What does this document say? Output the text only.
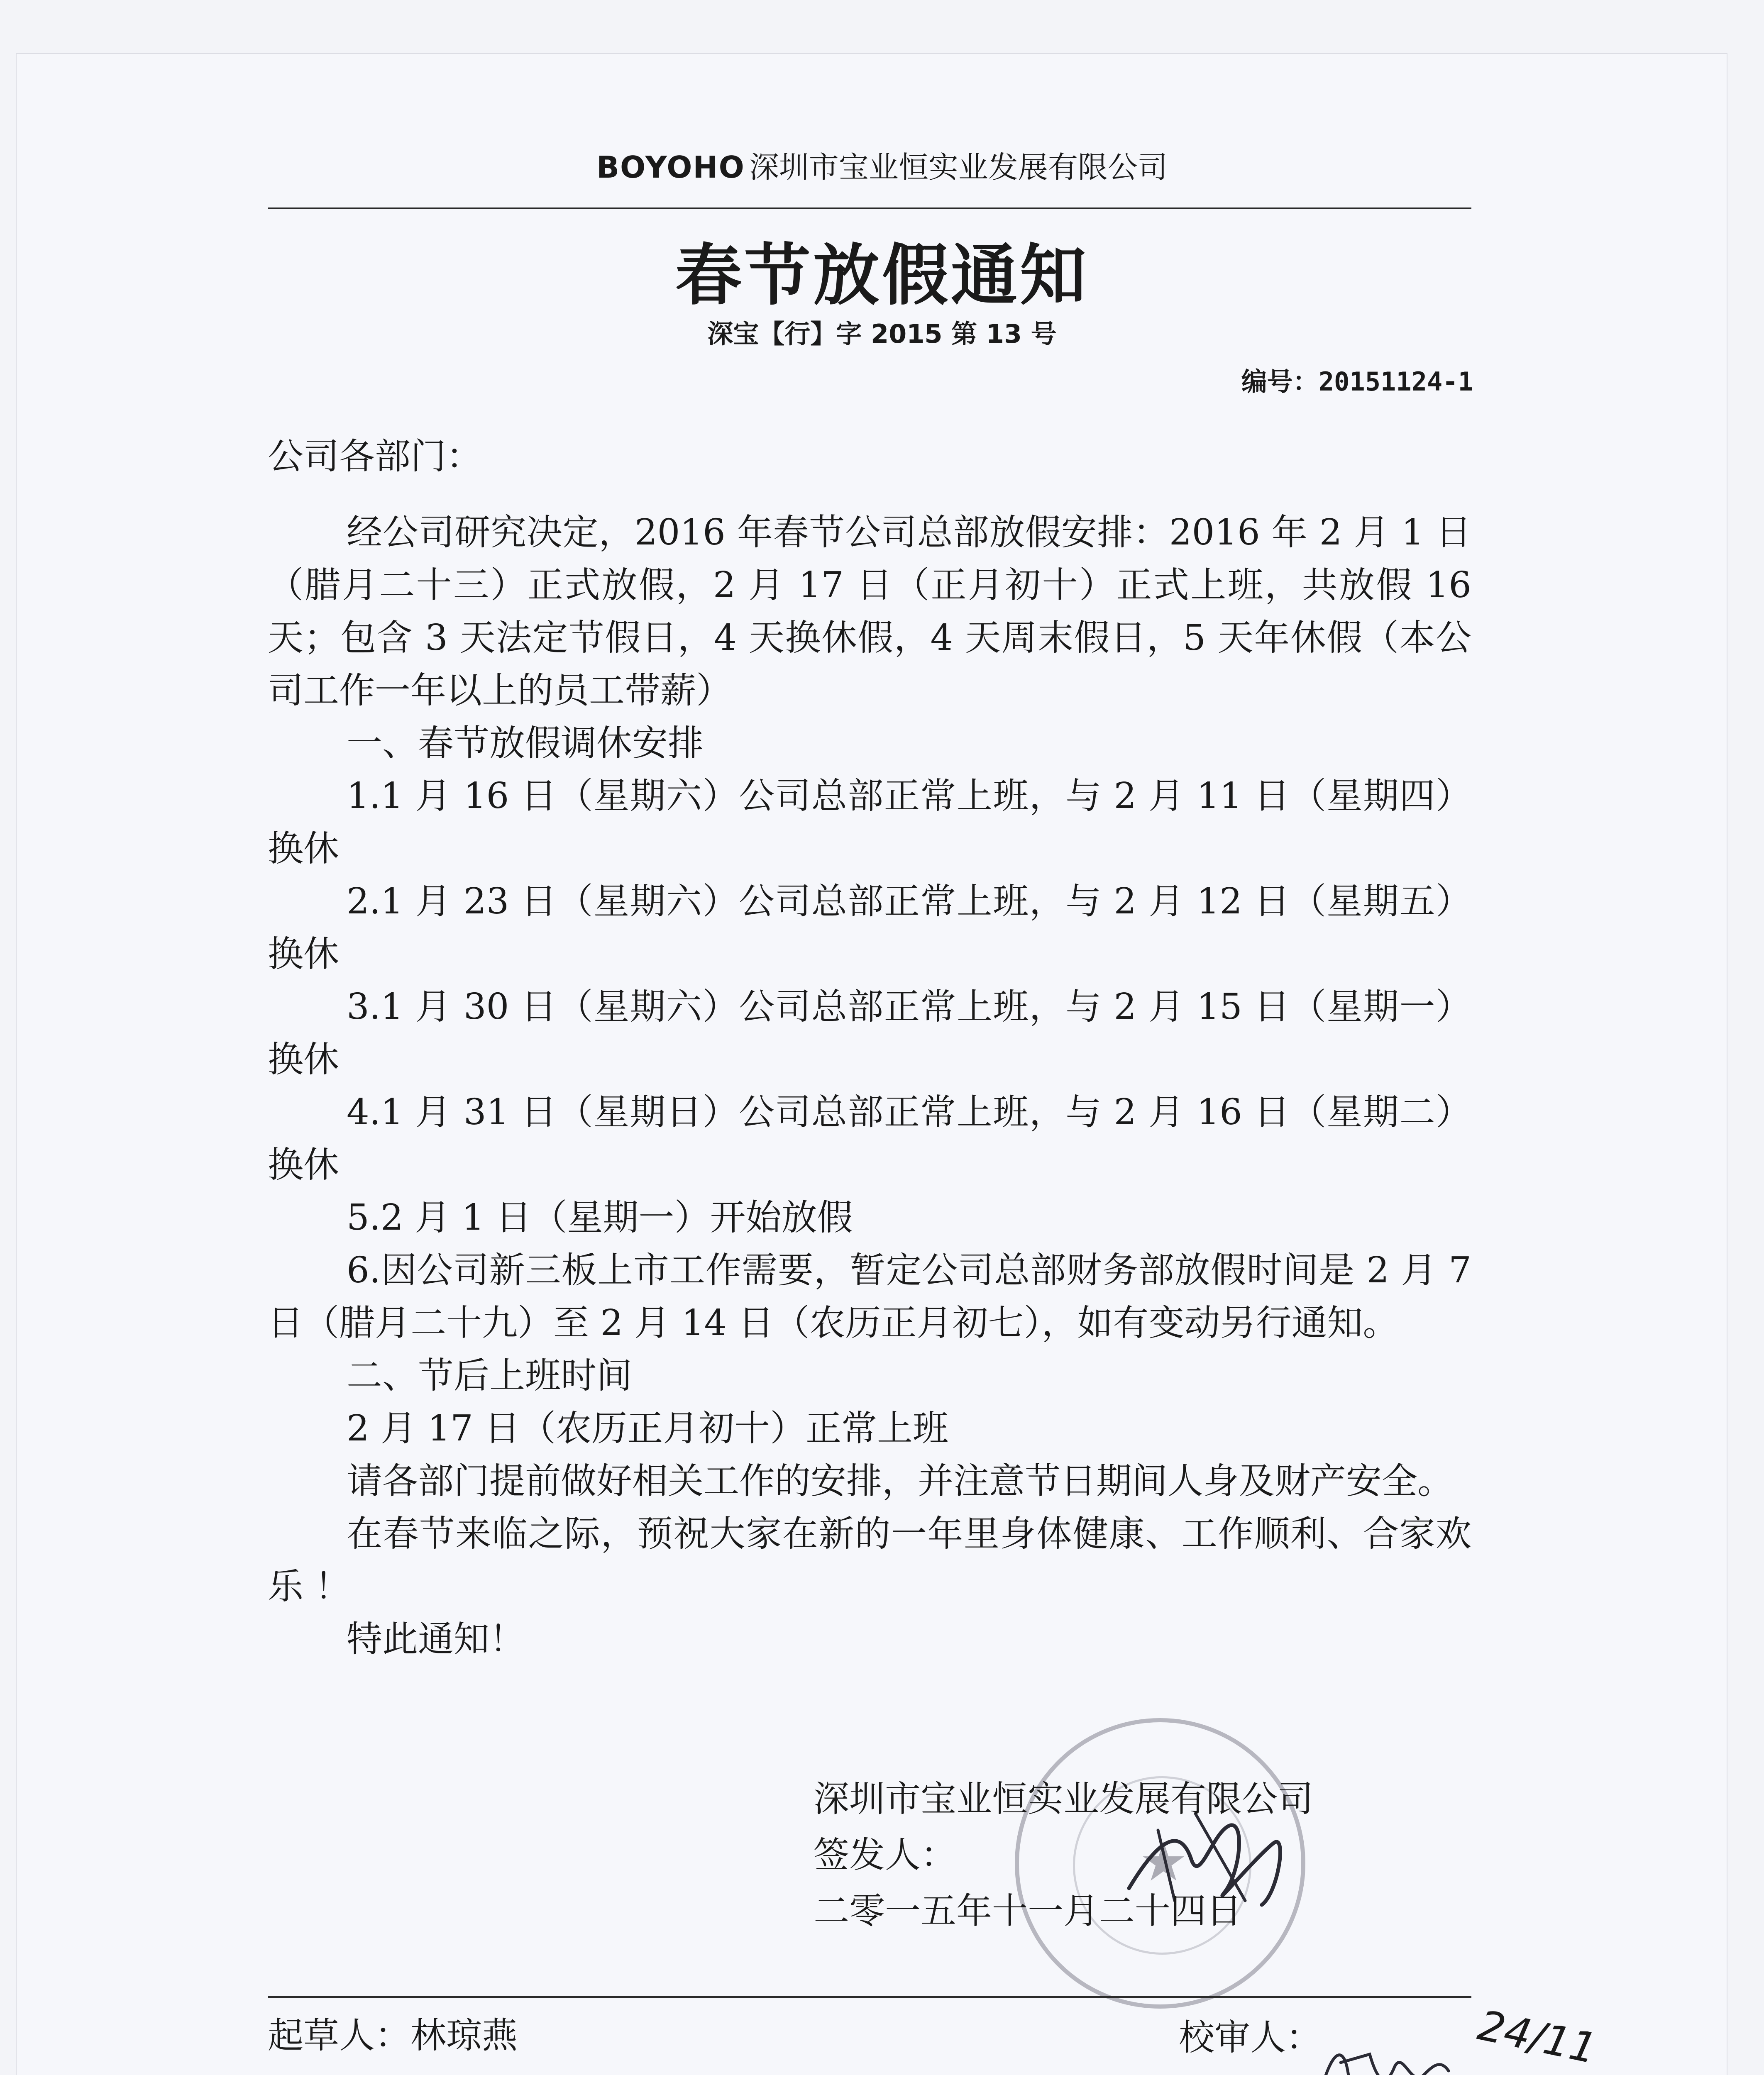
BOYOHO 深圳市宝业恒实业发展有限公司
春节放假通知
深宝【行】字 2015 第 13 号
编号：20151124-1
公司各部门：

经公司研究决定，2016 年春节公司总部放假安排：2016 年 2 月 1 日（腊月二十三）正式放假，2 月 17 日（正月初十）正式上班，共放假 16 天；包含 3 天法定节假日，4 天换休假，4 天周末假日，5 天年休假（本公司工作一年以上的员工带薪）

一、春节放假调休安排

1.1 月 16 日（星期六）公司总部正常上班，与 2 月 11 日（星期四）换休

2.1 月 23 日（星期六）公司总部正常上班，与 2 月 12 日（星期五）换休

3.1 月 30 日（星期六）公司总部正常上班，与 2 月 15 日（星期一）换休

4.1 月 31 日（星期日）公司总部正常上班，与 2 月 16 日（星期二）换休

5.2 月 1 日（星期一）开始放假

6.因公司新三板上市工作需要，暂定公司总部财务部放假时间是 2 月 7 日（腊月二十九）至 2 月 14 日（农历正月初七），如有变动另行通知。

二、节后上班时间

2 月 17 日（农历正月初十）正常上班

请各部门提前做好相关工作的安排，并注意节日期间人身及财产安全。

在春节来临之际，预祝大家在新的一年里身体健康、工作顺利、合家欢乐 ！

特此通知！

★
深圳市宝业恒实业发展有限公司
签发人：
二零一五年十一月二十四日
起草人：林琼燕	校审人：	24/11
